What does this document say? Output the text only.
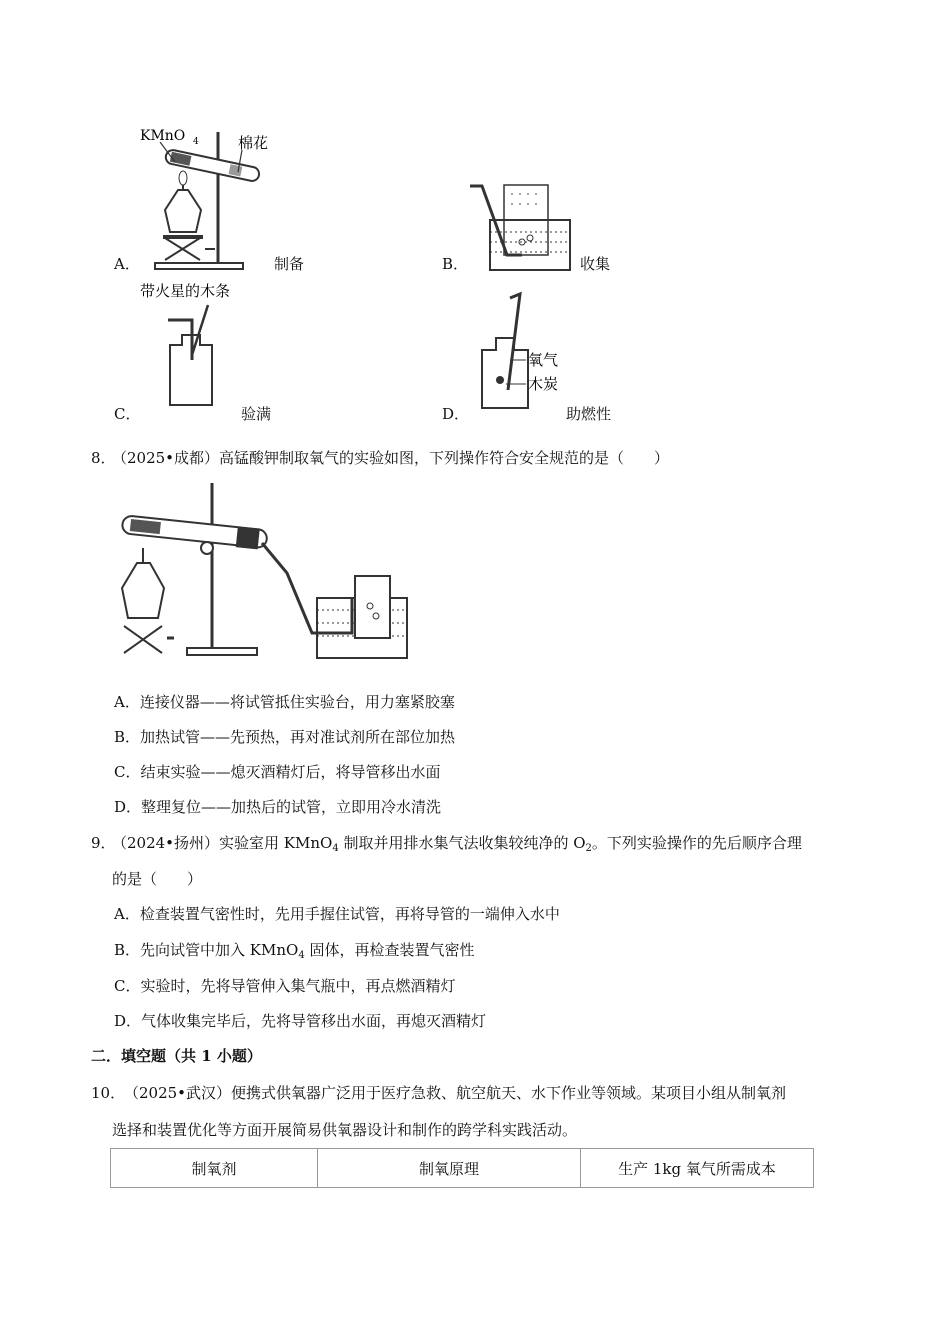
KMnO 4	棉花
A．	制备	B．	收集
带火星的木条
C．	验满
氧气
木炭
D．	助燃性
8．
（2025•成都）高锰酸钾制取氧气的实验如图，下列操作符合安全规范的是（　　）
A．连接仪器——将试管抵住实验台，用力塞紧胶塞
B．加热试管——先预热，再对准试剂所在部位加热
C．结束实验——熄灭酒精灯后，将导管移出水面
D．整理复位——加热后的试管，立即用冷水清洗
9．
（2024•扬州）实验室用 KMnO$_4$ 制取并用排水集气法收集较纯净的 $O_2$。下列实验操作的先后顺序合理
的是（　　）
A．检查装置气密性时，先用手握住试管，再将导管的一端伸入水中
B．先向试管中加入 KMnO$_4$ 固体，再检查装置气密性
C．实验时，先将导管伸入集气瓶中，再点燃酒精灯
D．气体收集完毕后，先将导管移出水面，再熄灭酒精灯
二．填空题（共 1 小题）
10．
（2025•武汉）便携式供氧器广泛用于医疗急救、航空航天、水下作业等领域。某项目小组从制氧剂
选择和装置优化等方面开展简易供氧器设计和制作的跨学科实践活动。
制氧剂	制氧原理	生产 1kg 氧气所需成本
